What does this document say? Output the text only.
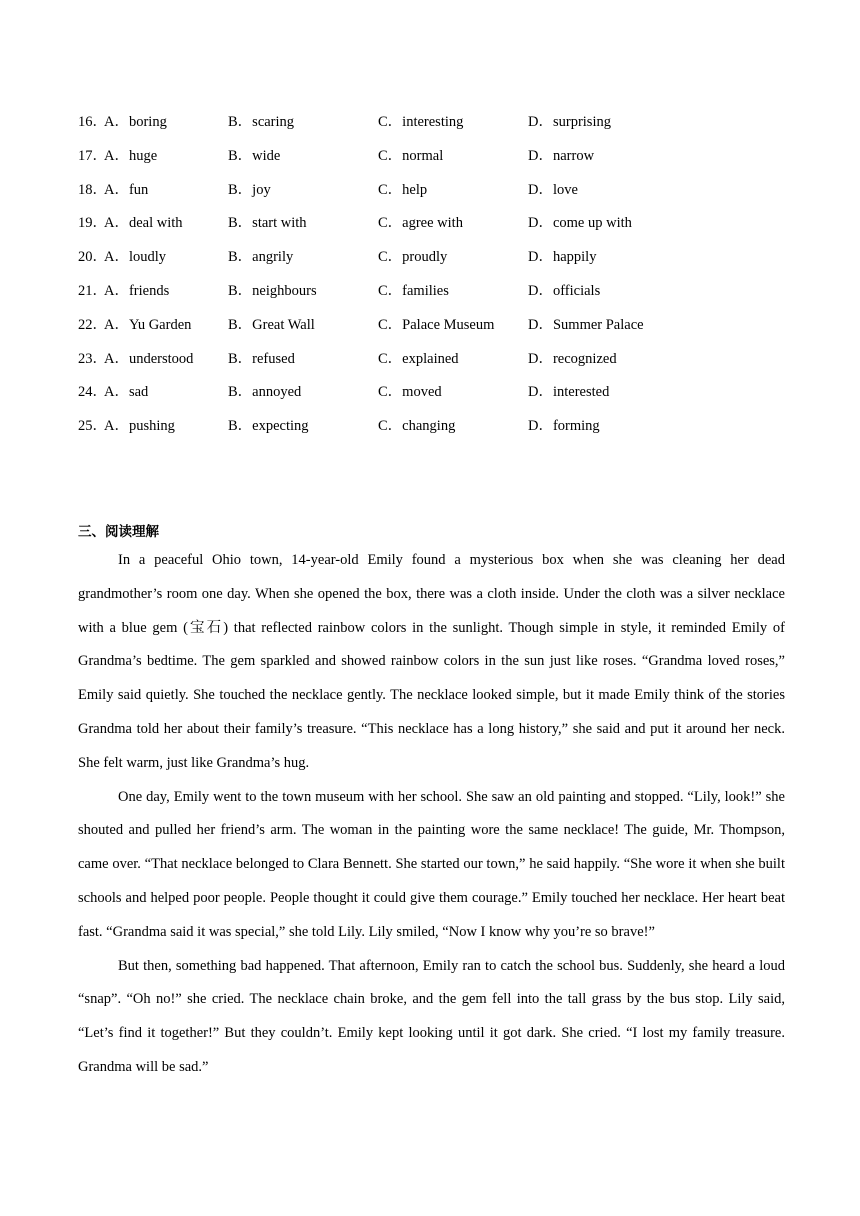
16．
A．boring	B．scaring	C．interesting	D．surprising
17．
A．huge	B．wide	C．normal	D．narrow
18．
A．fun	B．joy	C．help	D．love
19．
A．deal with	B．start with	C．agree with	D．come up with
20．
A．loudly	B．angrily	C．proudly	D．happily
21．
A．friends	B．neighbours	C．families	D．officials
22．
A．Yu Garden	B．Great Wall	C．Palace Museum D．Summer Palace
23．
A．understood B．refused	C．explained	D．recognized
24．
A．sad	B．annoyed	C．moved	D．interested
25．
A．pushing	B．expecting	C．changing	D．forming
三、阅读理解

In a peaceful Ohio town, 14-year-old Emily found a mysterious box when she was cleaning her dead grandmother’s room one day. When she opened the box, there was a cloth inside. Under the cloth was a silver necklace with a blue gem (宝石) that reflected rainbow colors in the sunlight. Though simple in style, it reminded Emily of Grandma’s bedtime. The gem sparkled and showed rainbow colors in the sun just like roses. “Grandma loved roses,” Emily said quietly. She touched the necklace gently. The necklace looked simple, but it made Emily think of the stories Grandma told her about their family’s treasure. “This necklace has a long history,” she said and put it around her neck. She felt warm, just like Grandma’s hug.

One day, Emily went to the town museum with her school. She saw an old painting and stopped. “Lily, look!” she shouted and pulled her friend’s arm. The woman in the painting wore the same necklace! The guide, Mr. Thompson, came over. “That necklace belonged to Clara Bennett. She started our town,” he said happily. “She wore it when she built schools and helped poor people. People thought it could give them courage.” Emily touched her necklace. Her heart beat fast. “Grandma said it was special,” she told Lily. Lily smiled, “Now I know why you’re so brave!”

But then, something bad happened. That afternoon, Emily ran to catch the school bus. Suddenly, she heard a loud “snap”. “Oh no!” she cried. The necklace chain broke, and the gem fell into the tall grass by the bus stop. Lily said, “Let’s find it together!” But they couldn’t. Emily kept looking until it got dark. She cried. “I lost my family treasure. Grandma will be sad.”
